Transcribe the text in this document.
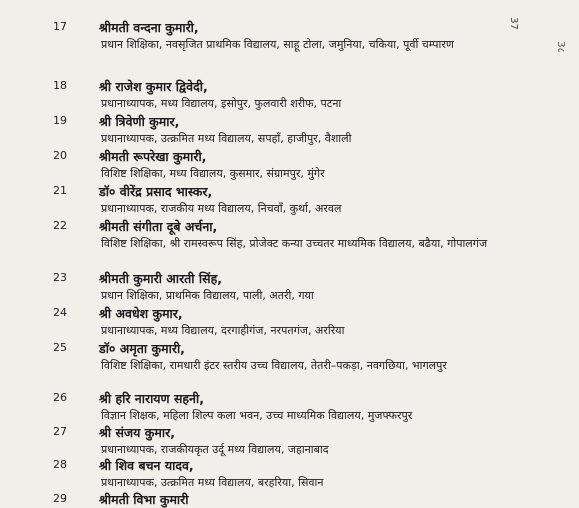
37
3८
17	श्रीमती वन्दना कुमारी,
प्रधान शिक्षिका, नवसृजित प्राथमिक विद्यालय, साहू टोला, जमुनिया, चकिया, पूर्वी चम्पारण
18	श्री राजेश कुमार द्विवेदी,
प्रधानाध्यापक, मध्य विद्यालय, इसोपुर, फुलवारी शरीफ, पटना
19	श्री त्रिवेणी कुमार,
प्रधानाध्यापक, उत्क्रमित मध्य विद्यालय, सपहाँ, हाजीपुर, वैशाली
20	श्रीमती रूपरेखा कुमारी,
विशिष्ट शिक्षिका, मध्य विद्यालय, कुसमार, संग्रामपुर, मुंगेर
21	डॉ० वीरेंद्र प्रसाद भास्कर,
प्रधानाध्यापक, राजकीय मध्य विद्यालय, निचवाँ, कुर्था, अरवल
22	श्रीमती संगीता दूबे अर्चना,
विशिष्ट शिक्षिका, श्री रामस्वरूप सिंह, प्रोजेक्ट कन्या उच्चतर माध्यमिक विद्यालय, बढैया, गोपालगंज
23	श्रीमती कुमारी आरती सिंह,
प्रधान शिक्षिका, प्राथमिक विद्यालय, पाली, अतरी, गया
24	श्री अवधेश कुमार,
प्रधानाध्यापक, मध्य विद्यालय, दरगाहीगंज, नरपतगंज, अररिया
25	डॉ० अमृता कुमारी,
विशिष्ट शिक्षिका, रामधारी इंटर स्तरीय उच्च विद्यालय, तेतरी–पकड़ा, नवगछिया, भागलपुर
26	श्री हरि नारायण सहनी,
विज्ञान शिक्षक, महिला शिल्प कला भवन, उच्च माध्यमिक विद्यालय, मुजफ्फरपुर
27	श्री संजय कुमार,
प्रधानाध्यापक, राजकीयकृत उर्दू मध्य विद्यालय, जहानाबाद
28	श्री शिव बचन यादव,
प्रधानाध्यापक, उत्क्रमित मध्य विद्यालय, बरहरिया, सिवान
29	श्रीमती विभा कुमारी
